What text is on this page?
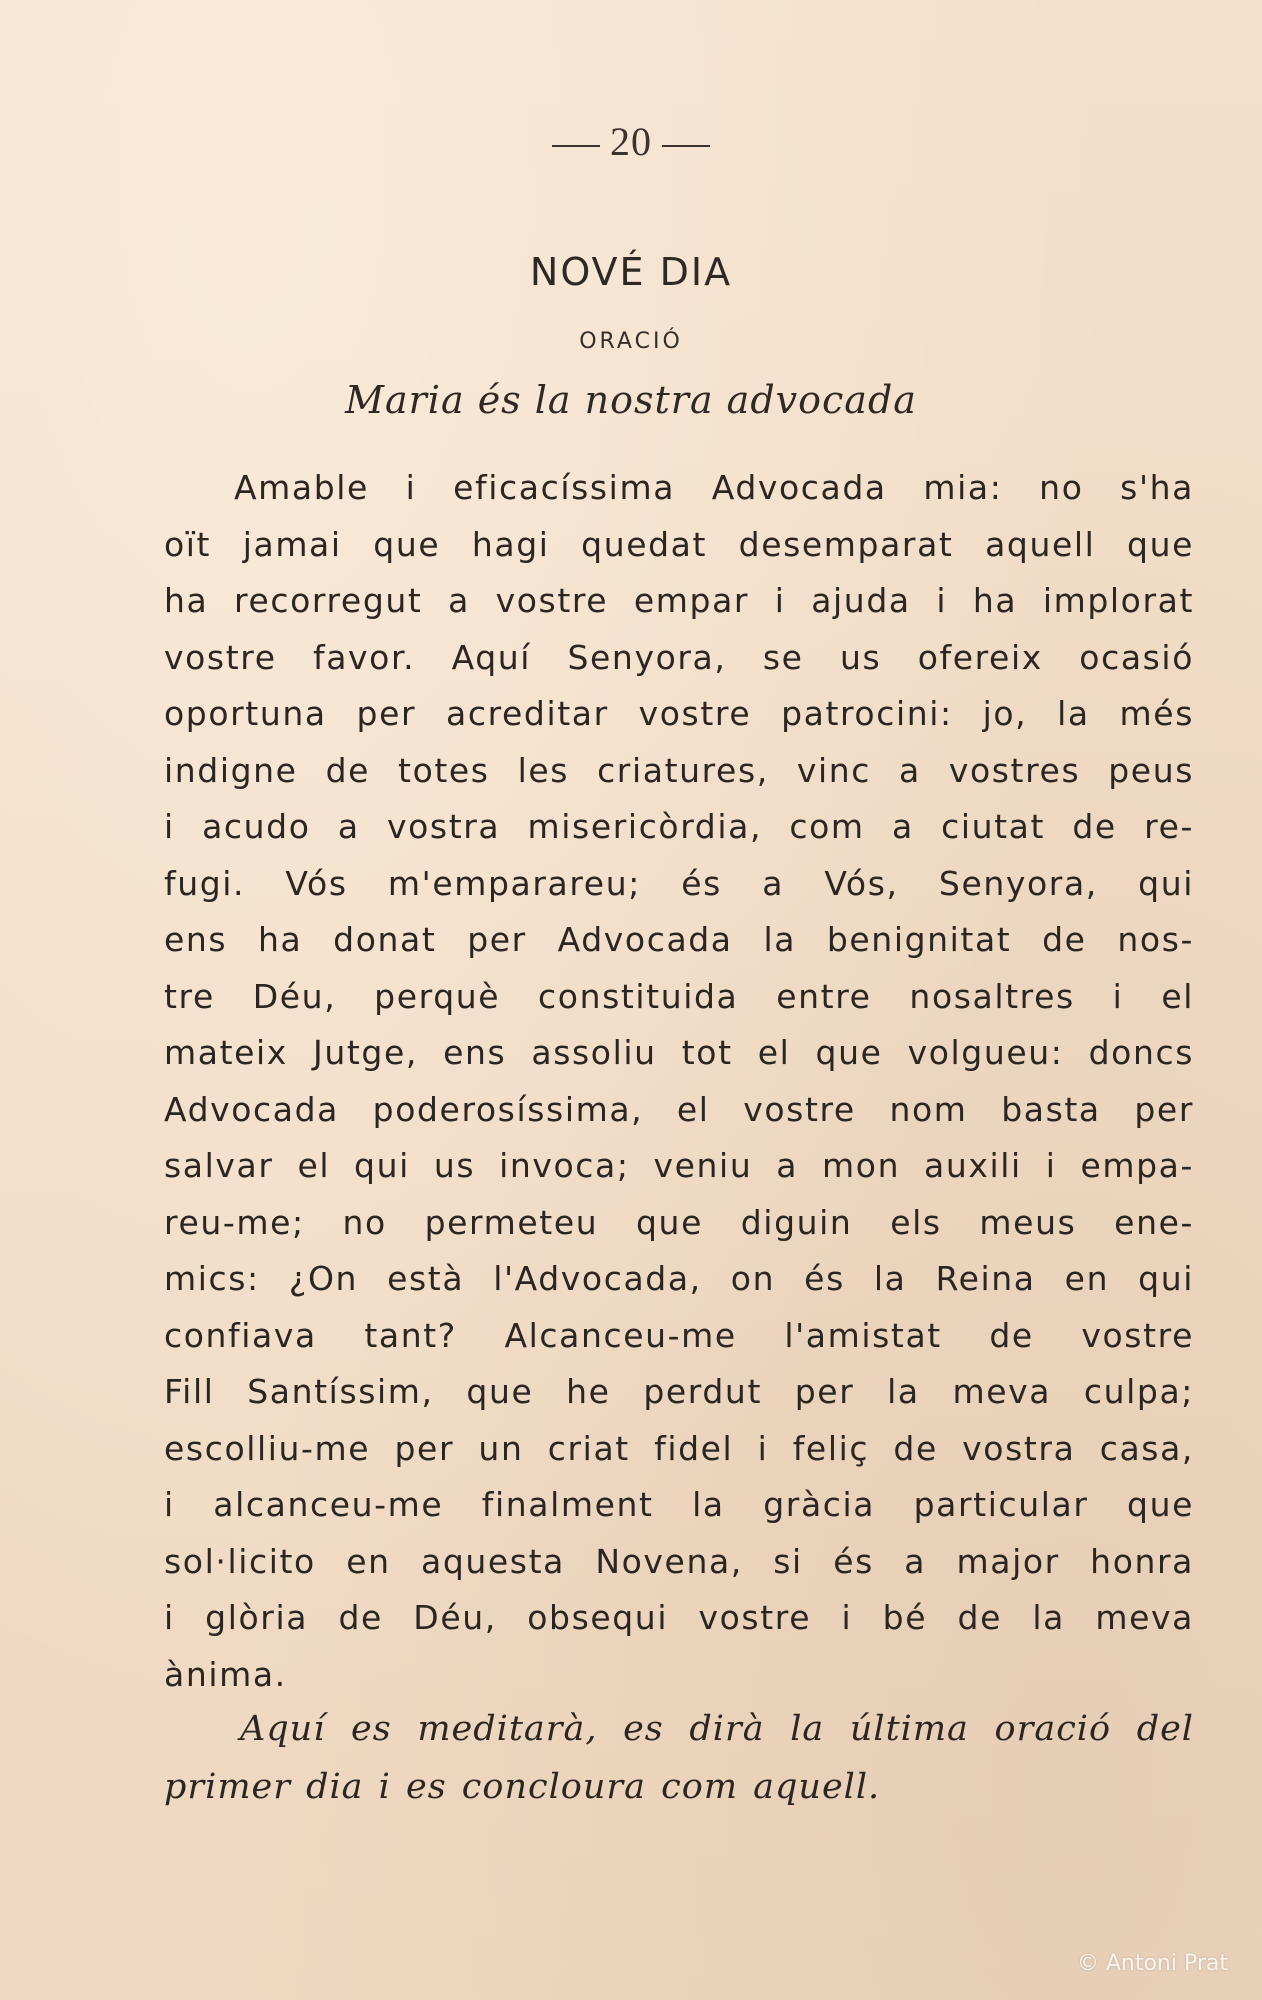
20
NOVÉ DIA
ORACIÓ
Maria és la nostra advocada
Amable i eficacíssima Advocada mia: no s'ha
oït jamai que hagi quedat desemparat aquell que
ha recorregut a vostre empar i ajuda i ha implorat
vostre favor. Aquí Senyora, se us ofereix ocasió
oportuna per acreditar vostre patrocini: jo, la més
indigne de totes les criatures, vinc a vostres peus
i acudo a vostra misericòrdia, com a ciutat de re-
fugi. Vós m'emparareu; és a Vós, Senyora, qui
ens ha donat per Advocada la benignitat de nos-
tre Déu, perquè constituida entre nosaltres i el
mateix Jutge, ens assoliu tot el que volgueu: doncs
Advocada poderosíssima, el vostre nom basta per
salvar el qui us invoca; veniu a mon auxili i empa-
reu-me; no permeteu que diguin els meus ene-
mics: ¿On està l'Advocada, on és la Reina en qui
confiava tant? Alcanceu-me l'amistat de vostre
Fill Santíssim, que he perdut per la meva culpa;
escolliu-me per un criat fidel i feliç de vostra casa,
i alcanceu-me finalment la gràcia particular que
sol·licito en aquesta Novena, si és a major honra
i glòria de Déu, obsequi vostre i bé de la meva
ànima.
Aquí es meditarà, es dirà la última oració del
primer dia i es concloura com aquell.
© Antoni Prat
